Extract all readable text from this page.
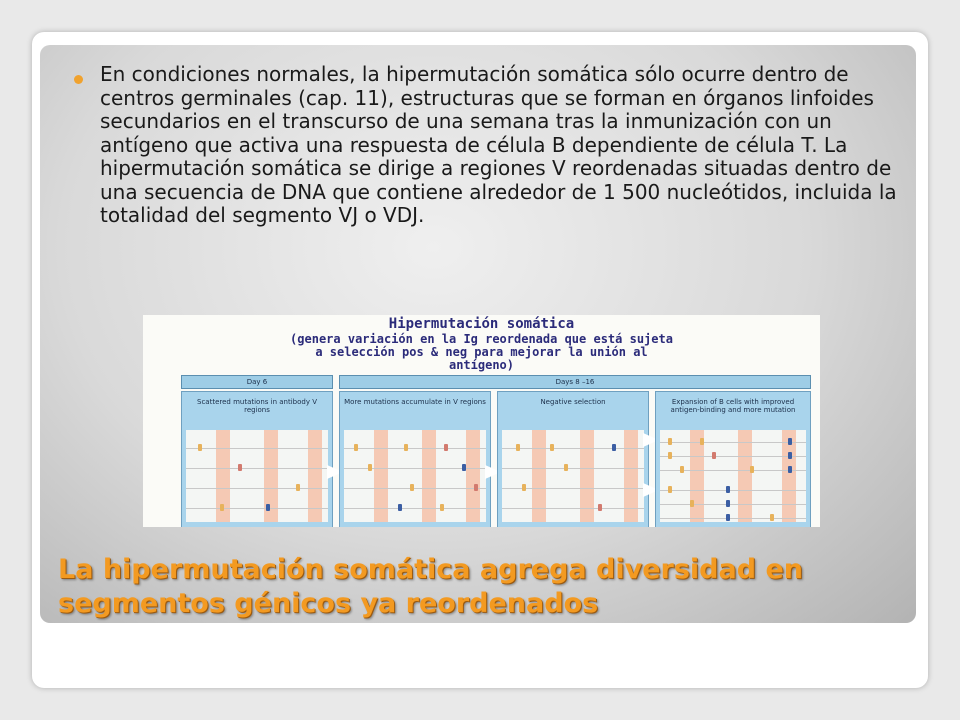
En condiciones normales, la hipermutación somática sólo ocurre dentro de centros germinales (cap. 11), estructuras que se forman en órganos linfoides secundarios en el transcurso de una semana tras la inmunización con un antígeno que activa una respuesta de célula B dependiente de célula T. La hipermutación somática se dirige a regiones V reordenadas situadas dentro de una secuencia de DNA que contiene alrededor de 1 500 nucleótidos, incluida la totalidad del segmento VJ o VDJ.

Hipermutación somática
(genera variación en la Ig reordenada que está sujeta
a selección pos & neg para mejorar la unión al
antígeno)
Day 6	Days 8 –16
Scattered mutations in antibody V regions
More mutations accumulate in V regions	Negative selection	Expansion of B cells with improved antigen-binding and more mutation
La hipermutación somática agrega diversidad en segmentos génicos ya reordenados
